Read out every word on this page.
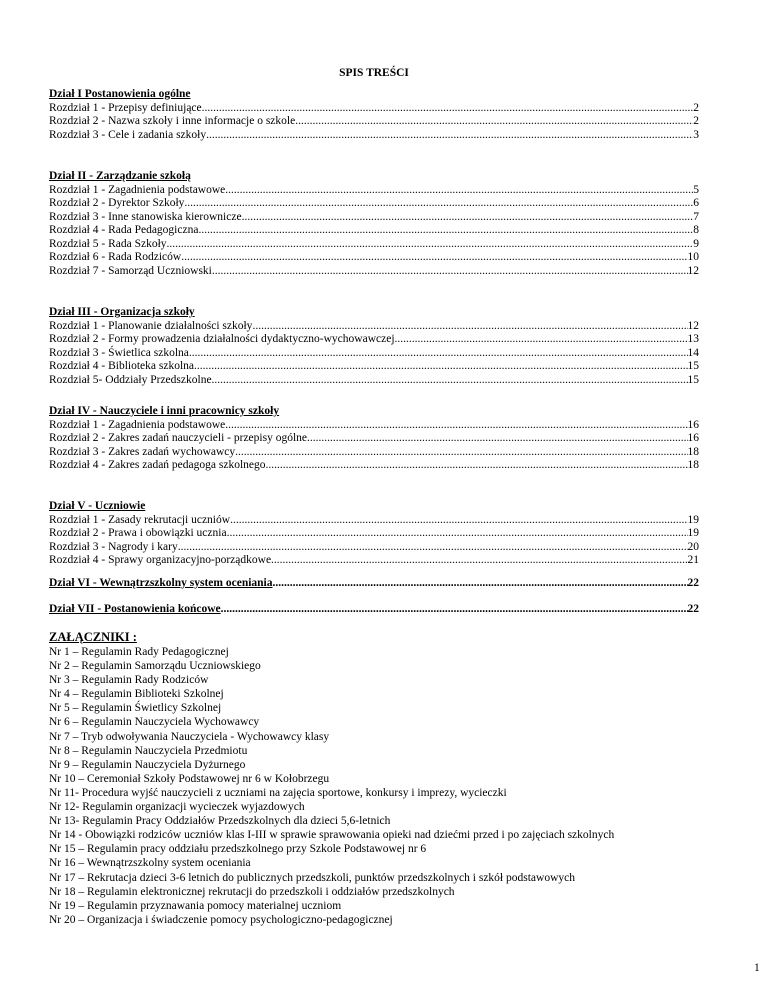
SPIS TREŚCI
Dział I Postanowienia ogólne
Rozdział 1 - Przepisy definiujące .....	2
Rozdział 2 - Nazwa szkoły i inne informacje o szkole .....	2
Rozdział 3 - Cele i zadania szkoły .....	3
Dział II - Zarządzanie szkołą
Rozdział 1 - Zagadnienia podstawowe .....	5
Rozdział 2 - Dyrektor Szkoły .....	6
Rozdział 3 - Inne stanowiska kierownicze .....	7
Rozdział 4 - Rada Pedagogiczna .....	8
Rozdział 5 - Rada Szkoły .....	9
Rozdział 6 - Rada Rodziców .....	10
Rozdział 7 - Samorząd Uczniowski .....	12
Dział III - Organizacja szkoły
Rozdział 1 - Planowanie działalności szkoły .....	12
Rozdział 2 - Formy prowadzenia działalności dydaktyczno-wychowawczej .....	13
Rozdział 3 - Świetlica szkolna .....	14
Rozdział 4 - Biblioteka szkolna .....	15
Rozdział 5- Oddziały Przedszkolne .....	15
Dział IV - Nauczyciele i inni pracownicy szkoły
Rozdział 1 - Zagadnienia podstawowe .....	16
Rozdział 2 - Zakres zadań nauczycieli - przepisy ogólne .....	16
Rozdział 3 - Zakres zadań wychowawcy .....	18
Rozdział 4 - Zakres zadań pedagoga szkolnego .....	18
Dział V - Uczniowie
Rozdział 1 - Zasady rekrutacji uczniów .....	19
Rozdział 2 - Prawa i obowiązki ucznia .....	19
Rozdział 3 - Nagrody i kary .....	20
Rozdział 4 - Sprawy organizacyjno-porządkowe .....	21
Dział VI - Wewnątrzszkolny system oceniania .....	22
Dział VII - Postanowienia końcowe .....	22
ZAŁĄCZNIKI :
Nr 1 – Regulamin Rady Pedagogicznej
Nr 2 – Regulamin Samorządu Uczniowskiego
Nr 3 – Regulamin Rady Rodziców
Nr 4 – Regulamin Biblioteki Szkolnej
Nr 5 – Regulamin Świetlicy Szkolnej
Nr 6 – Regulamin Nauczyciela Wychowawcy
Nr 7 – Tryb odwoływania Nauczyciela - Wychowawcy klasy
Nr 8 – Regulamin Nauczyciela Przedmiotu
Nr 9 – Regulamin Nauczyciela Dyżurnego
Nr 10 – Ceremoniał Szkoły Podstawowej nr 6 w Kołobrzegu
Nr 11- Procedura wyjść nauczycieli z uczniami na zajęcia sportowe, konkursy i imprezy, wycieczki
Nr 12- Regulamin organizacji wycieczek wyjazdowych
Nr 13- Regulamin Pracy Oddziałów Przedszkolnych dla dzieci 5,6-letnich
Nr 14 - Obowiązki rodziców uczniów klas I-III w sprawie sprawowania opieki nad dziećmi przed i po zajęciach szkolnych
Nr 15 – Regulamin pracy oddziału przedszkolnego przy Szkole Podstawowej nr 6
Nr 16 – Wewnątrzszkolny system oceniania
Nr 17 – Rekrutacja dzieci 3-6 letnich do publicznych przedszkoli, punktów przedszkolnych i szkół podstawowych
Nr 18 – Regulamin elektronicznej rekrutacji do przedszkoli i oddziałów przedszkolnych
Nr 19 – Regulamin przyznawania pomocy materialnej uczniom
Nr 20 – Organizacja i świadczenie pomocy psychologiczno-pedagogicznej
1
